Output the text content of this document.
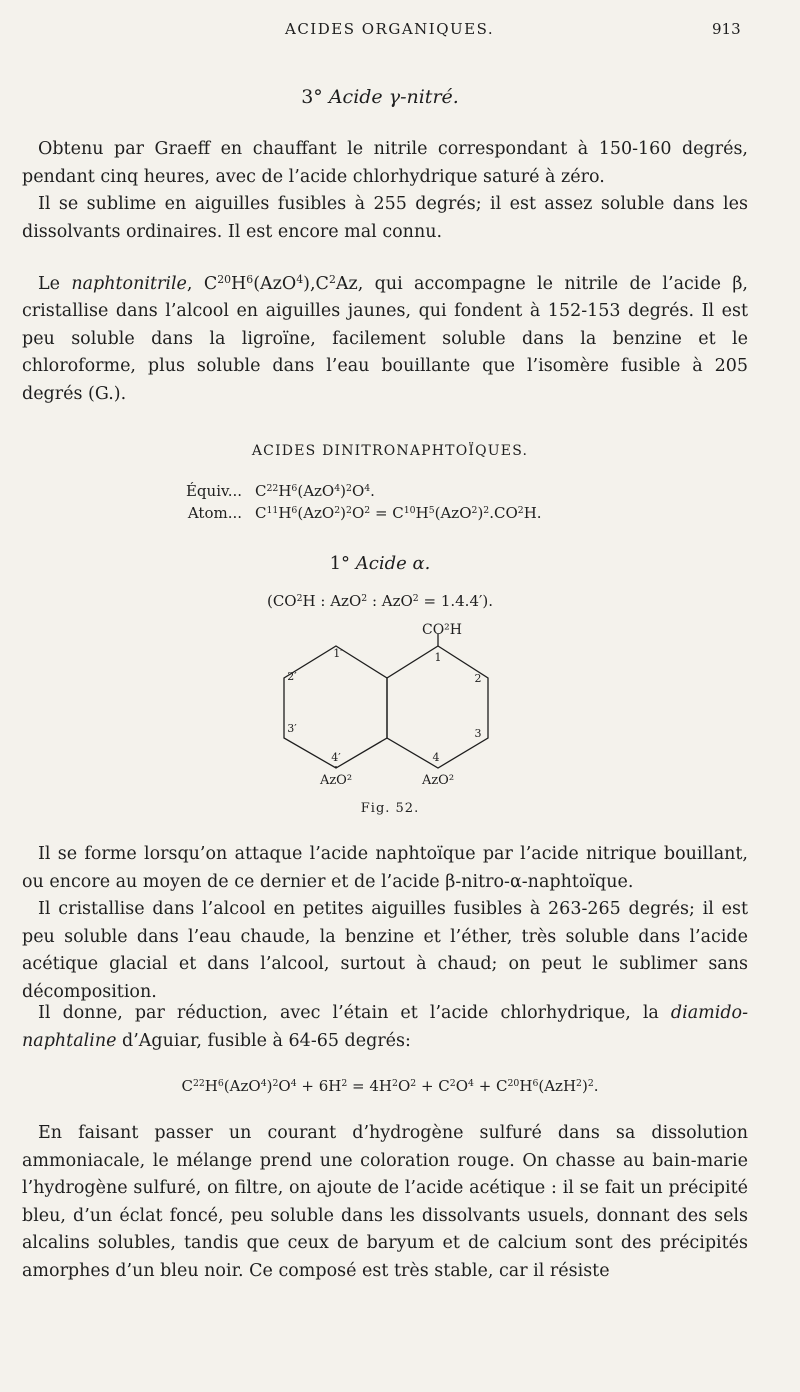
ACIDES ORGANIQUES.	913
3° Acide γ-nitré.

Obtenu par Graeff en chauffant le nitrile correspondant à 150-160 degrés, pendant cinq heures, avec de l’acide chlorhydrique saturé à zéro.

Il se sublime en aiguilles fusibles à 255 degrés; il est assez soluble dans les dissolvants ordinaires. Il est encore mal connu.

Le naphtonitrile, $C^{20}H^6(AzO^4),C^2Az$, qui accompagne le nitrile de l’acide β, cristallise dans l’alcool en aiguilles jaunes, qui fondent à 152-153 degrés. Il est peu soluble dans la ligroïne, facilement soluble dans la benzine et le chloroforme, plus soluble dans l’eau bouillante que l’isomère fusible à 205 degrés (G.).

ACIDES DINITRONAPHTOÏQUES.
Équiv... $C^{22}H^6(AzO^4)^2O^4$.
Atom... $C^{11}H^6(AzO^2)^2O^2 = C^{10}H^5(AzO^2)^2.CO^2H$.
1° Acide α.
($CO^2H$ : AzO$^2$ : AzO$^2$ = 1.4.4′).
CO²H
1′
2′
3′
4′
1
2
3
4
AzO²	AzO²
Fig. 52.

Il se forme lorsqu’on attaque l’acide naphtoïque par l’acide nitrique bouillant, ou encore au moyen de ce dernier et de l’acide β-nitro-α-naphtoïque.

Il cristallise dans l’alcool en petites aiguilles fusibles à 263-265 degrés; il est peu soluble dans l’eau chaude, la benzine et l’éther, très soluble dans l’acide acétique glacial et dans l’alcool, surtout à chaud; on peut le sublimer sans décomposition.

Il donne, par réduction, avec l’étain et l’acide chlorhydrique, la diamido-naphtaline d’Aguiar, fusible à 64-65 degrés:

$C^{22}H^6(AzO^4)^2O^4 + 6H^2 = 4H^2O^2 + C^2O^4 + C^{20}H^6(AzH^2)^2$.

En faisant passer un courant d’hydrogène sulfuré dans sa dissolution ammoniacale, le mélange prend une coloration rouge. On chasse au bain-marie l’hydrogène sulfuré, on filtre, on ajoute de l’acide acétique : il se fait un précipité bleu, d’un éclat foncé, peu soluble dans les dissolvants usuels, donnant des sels alcalins solubles, tandis que ceux de baryum et de calcium sont des précipités amorphes d’un bleu noir. Ce composé est très stable, car il résiste
